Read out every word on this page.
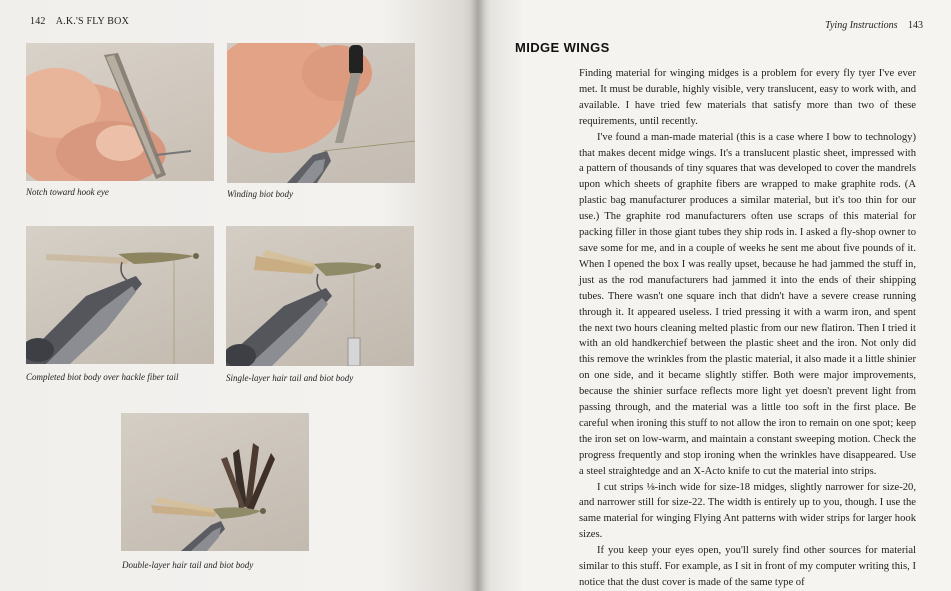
142 A.K.'S FLY BOX
Notch toward hook eye	Winding biot body
Completed biot body over hackle fiber tail	Single-layer hair tail and biot body
Double-layer hair tail and biot body
Tying Instructions 143
MIDGE WINGS

Finding material for winging midges is a problem for every fly tyer I've ever met. It must be durable, highly visible, very translucent, easy to work with, and available. I have tried few materials that satisfy more than two of these requirements, until recently.

I've found a man-made material (this is a case where I bow to technology) that makes decent midge wings. It's a translucent plastic sheet, impressed with a pattern of thousands of tiny squares that was developed to cover the mandrels upon which sheets of graphite fibers are wrapped to make graphite rods. (A plastic bag manufacturer produces a similar material, but it's too thin for our use.) The graphite rod manufacturers often use scraps of this material for packing filler in those giant tubes they ship rods in. I asked a fly-shop owner to save some for me, and in a couple of weeks he sent me about five pounds of it. When I opened the box I was really upset, because he had jammed the stuff in, just as the rod manufacturers had jammed it into the ends of their shipping tubes. There wasn't one square inch that didn't have a severe crease running through it. It appeared useless. I tried pressing it with a warm iron, and spent the next two hours cleaning melted plastic from our new flatiron. Then I tried it with an old handkerchief between the plastic sheet and the iron. Not only did this remove the wrinkles from the plastic material, it also made it a little shinier on one side, and it became slightly stiffer. Both were major improvements, because the shinier surface reflects more light yet doesn't prevent light from passing through, and the material was a little too soft in the first place. Be careful when ironing this stuff to not allow the iron to remain on one spot; keep the iron set on low-warm, and maintain a constant sweeping motion. Check the progress frequently and stop ironing when the wrinkles have disappeared. Use a steel straightedge and an X-Acto knife to cut the material into strips.

I cut strips ⅛-inch wide for size-18 midges, slightly narrower for size-20, and narrower still for size-22. The width is entirely up to you, though. I use the same material for winging Flying Ant patterns with wider strips for larger hook sizes.

If you keep your eyes open, you'll surely find other sources for material similar to this stuff. For example, as I sit in front of my computer writing this, I notice that the dust cover is made of the same type of
